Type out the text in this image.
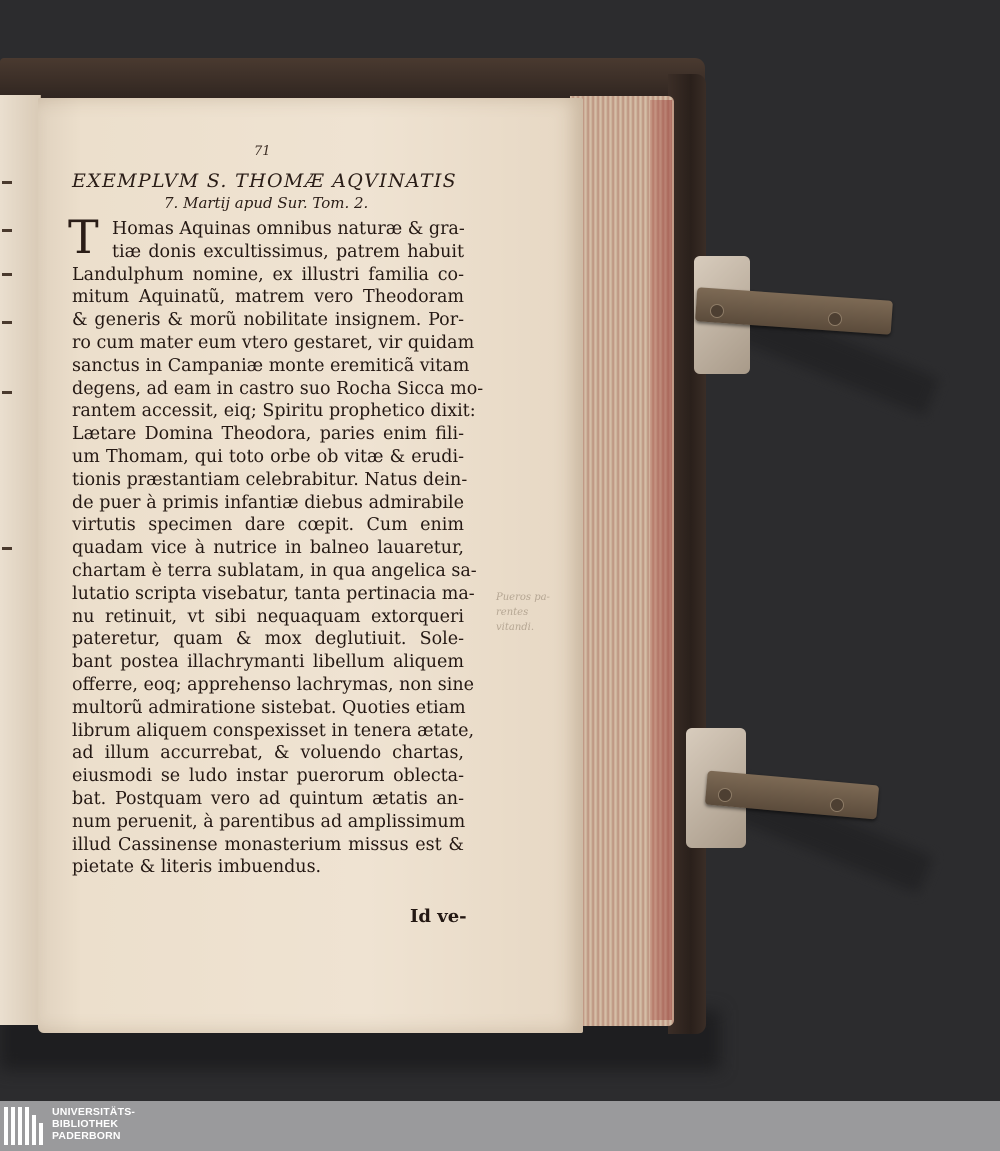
71
EXEMPLVM S. THOMÆ AQVINATIS
7. Martij apud Sur. Tom. 2.
T Homas Aquinas omnibus naturæ & gra-
tiæ donis excultissimus, patrem habuit
Landulphum nomine, ex illustri familia co-
mitum Aquinatũ, matrem vero Theodoram
& generis & morũ nobilitate insignem. Por-
ro cum mater eum vtero gestaret, vir quidam
sanctus in Campaniæ monte eremiticã vitam
degens, ad eam in castro suo Rocha Sicca mo-
rantem accessit, eiq; Spiritu prophetico dixit:
Lætare Domina Theodora, paries enim fili-
um Thomam, qui toto orbe ob vitæ & erudi-
tionis præstantiam celebrabitur. Natus dein-
de puer à primis infantiæ diebus admirabile
virtutis specimen dare cœpit. Cum enim
quadam vice à nutrice in balneo lauaretur,
chartam è terra sublatam, in qua angelica sa-
lutatio scripta visebatur, tanta pertinacia ma-
nu retinuit, vt sibi nequaquam extorqueri
pateretur, quam & mox deglutiuit. Sole-
bant postea illachrymanti libellum aliquem
offerre, eoq; apprehenso lachrymas, non sine
multorũ admiratione sistebat. Quoties etiam
librum aliquem conspexisset in tenera ætate,
ad illum accurrebat, & voluendo chartas,
eiusmodi se ludo instar puerorum oblecta-
bat. Postquam vero ad quintum ætatis an-
num peruenit, à parentibus ad amplissimum
illud Cassinense monasterium missus est &
pietate & literis imbuendus.
Id ve-
Pueros pa-
rentes
vitandi.
UNIVERSITÄTS-
BIBLIOTHEK
PADERBORN
